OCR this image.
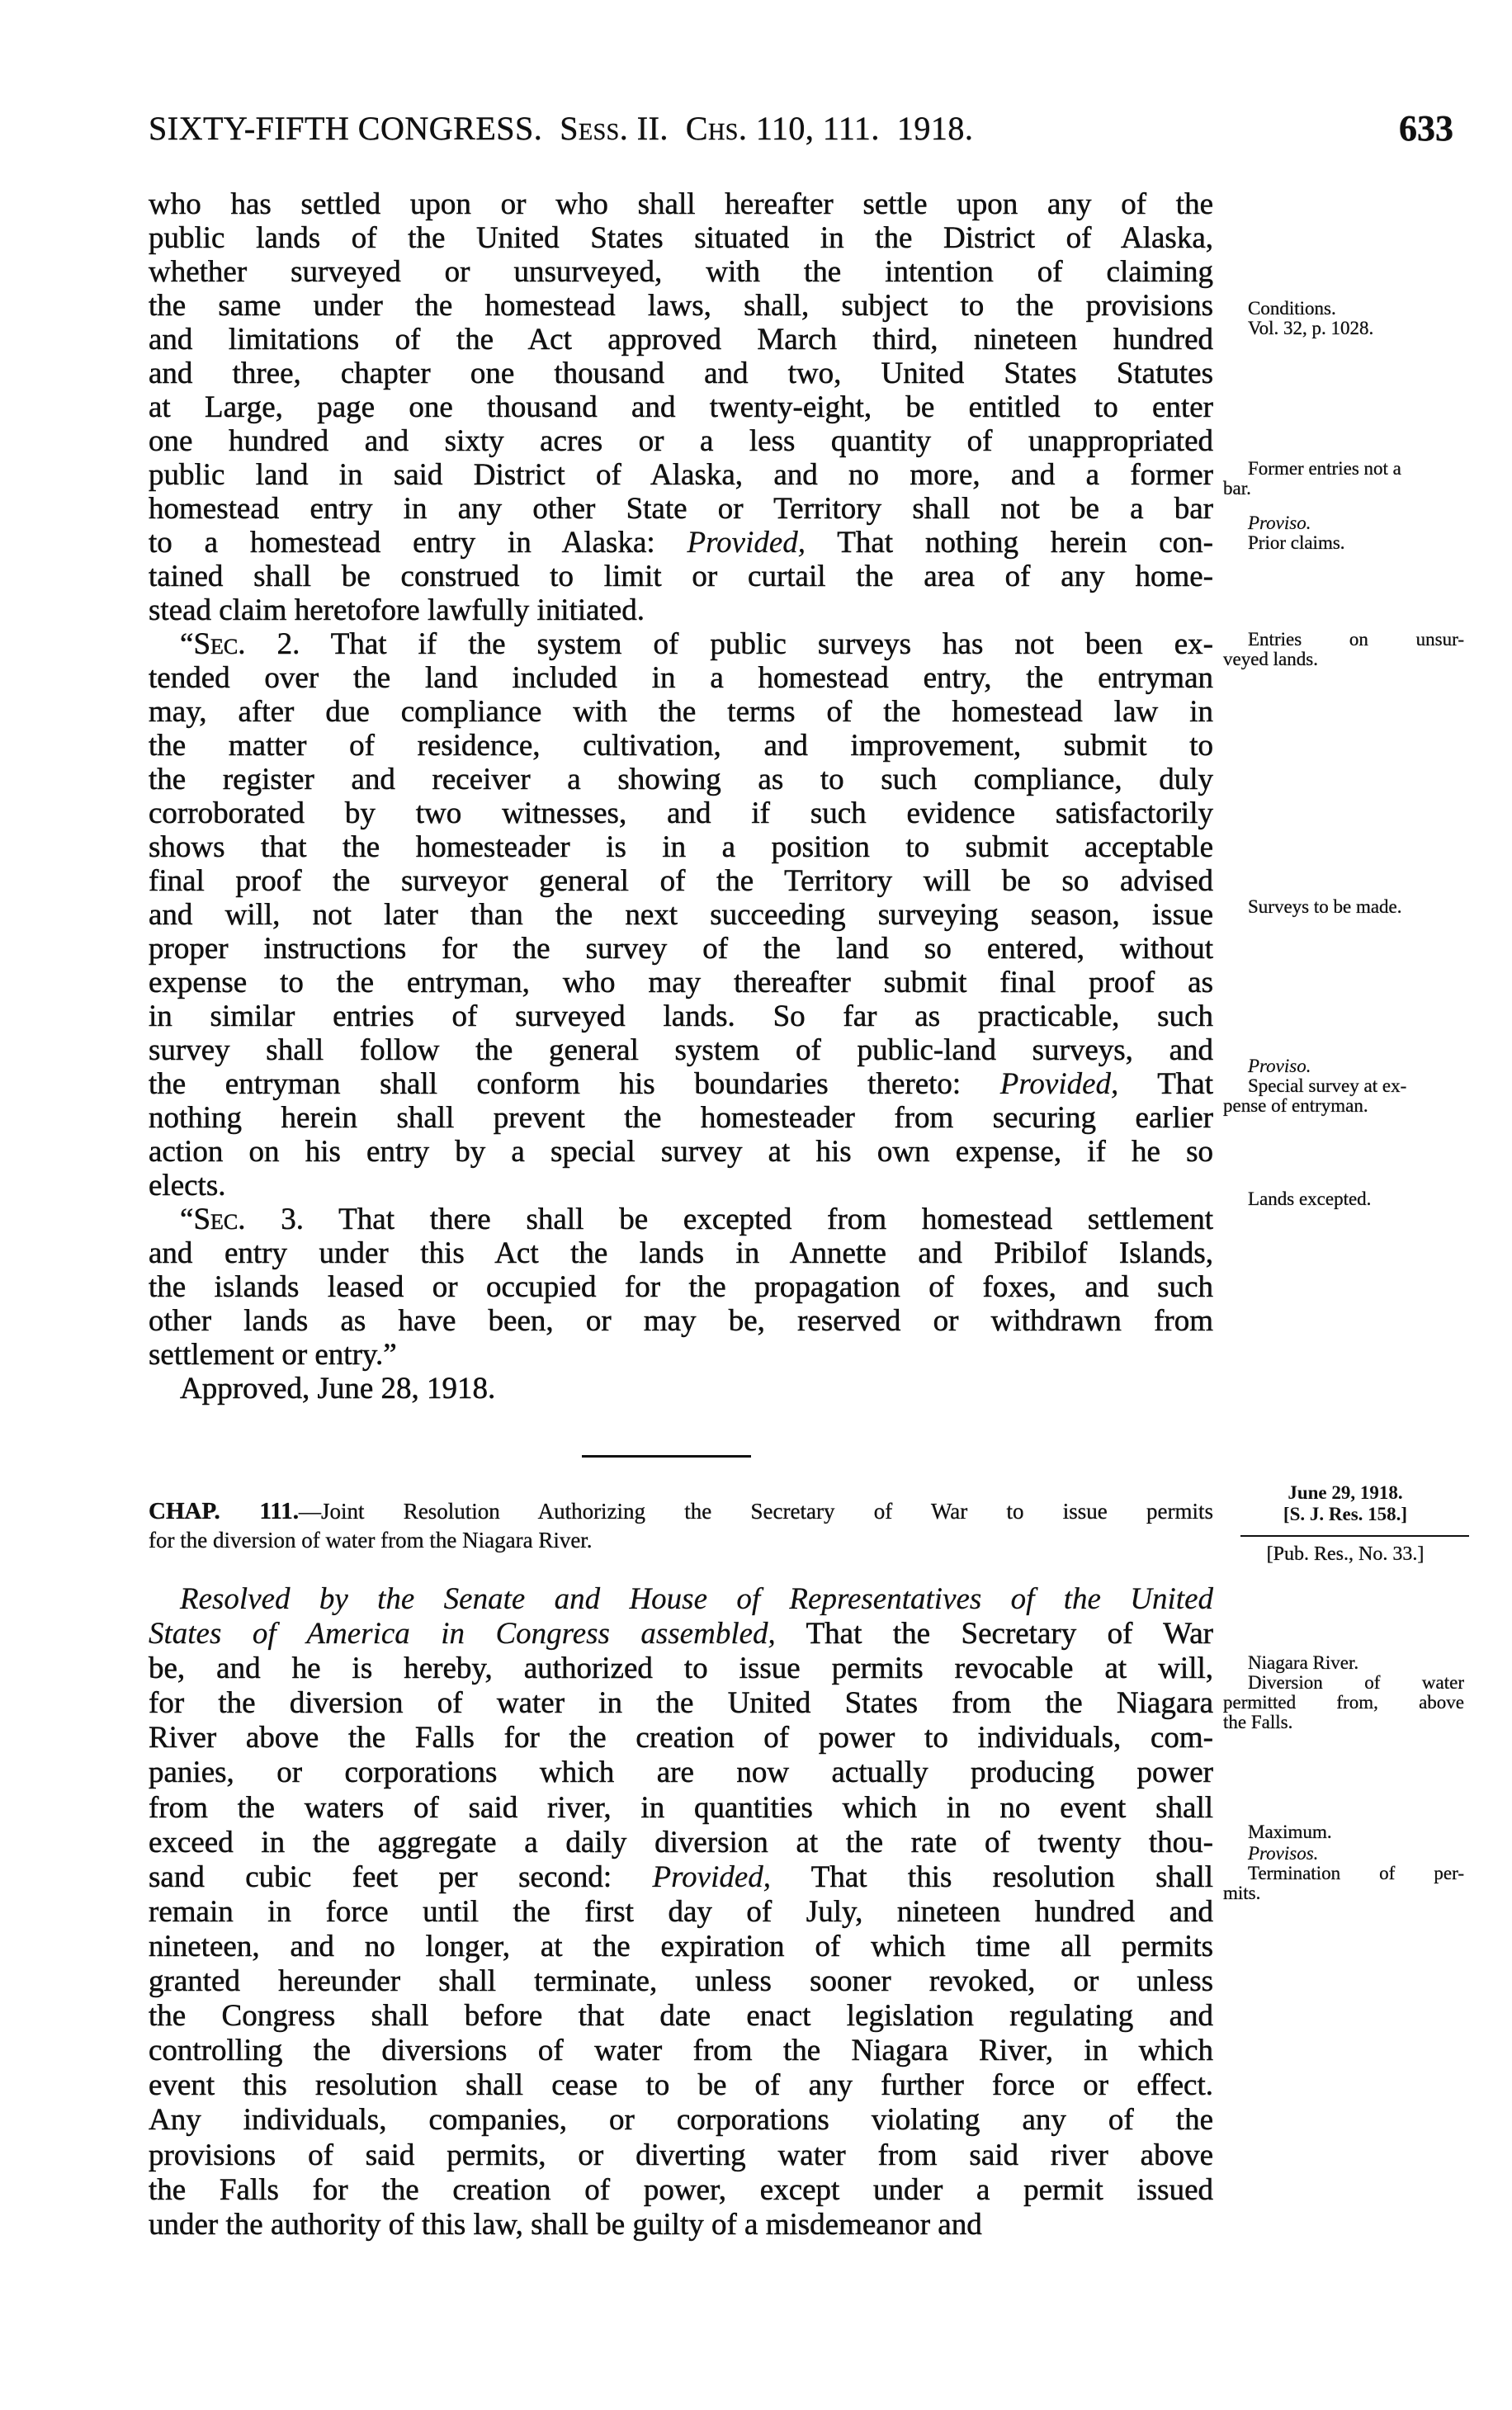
SIXTY-FIFTH CONGRESS. Sess. II. Chs. 110, 111. 1918.	633
who has settled upon or who shall hereafter settle upon any of the
public lands of the United States situated in the District of Alaska,
whether surveyed or unsurveyed, with the intention of claiming
the same under the homestead laws, shall, subject to the provisions
and limitations of the Act approved March third, nineteen hundred
and three, chapter one thousand and two, United States Statutes
at Large, page one thousand and twenty-eight, be entitled to enter
one hundred and sixty acres or a less quantity of unappropriated
public land in said District of Alaska, and no more, and a former
homestead entry in any other State or Territory shall not be a bar
to a homestead entry in Alaska: Provided, That nothing herein con-
tained shall be construed to limit or curtail the area of any home-
stead claim heretofore lawfully initiated.
“Sec. 2. That if the system of public surveys has not been ex-
tended over the land included in a homestead entry, the entryman
may, after due compliance with the terms of the homestead law in
the matter of residence, cultivation, and improvement, submit to
the register and receiver a showing as to such compliance, duly
corroborated by two witnesses, and if such evidence satisfactorily
shows that the homesteader is in a position to submit acceptable
final proof the surveyor general of the Territory will be so advised
and will, not later than the next succeeding surveying season, issue
proper instructions for the survey of the land so entered, without
expense to the entryman, who may thereafter submit final proof as
in similar entries of surveyed lands. So far as practicable, such
survey shall follow the general system of public-land surveys, and
the entryman shall conform his boundaries thereto: Provided, That
nothing herein shall prevent the homesteader from securing earlier
action on his entry by a special survey at his own expense, if he so
elects.
“Sec. 3. That there shall be excepted from homestead settlement
and entry under this Act the lands in Annette and Pribilof Islands,
the islands leased or occupied for the propagation of foxes, and such
other lands as have been, or may be, reserved or withdrawn from
settlement or entry.”
Approved, June 28, 1918.
CHAP. 111.—Joint Resolution Authorizing the Secretary of War to issue permits
for the diversion of water from the Niagara River.
June 29, 1918.
[S. J. Res. 158.]
[Pub. Res., No. 33.]
Resolved by the Senate and House of Representatives of the United
States of America in Congress assembled, That the Secretary of War
be, and he is hereby, authorized to issue permits revocable at will,
for the diversion of water in the United States from the Niagara
River above the Falls for the creation of power to individuals, com-
panies, or corporations which are now actually producing power
from the waters of said river, in quantities which in no event shall
exceed in the aggregate a daily diversion at the rate of twenty thou-
sand cubic feet per second: Provided, That this resolution shall
remain in force until the first day of July, nineteen hundred and
nineteen, and no longer, at the expiration of which time all permits
granted hereunder shall terminate, unless sooner revoked, or unless
the Congress shall before that date enact legislation regulating and
controlling the diversions of water from the Niagara River, in which
event this resolution shall cease to be of any further force or effect.
Any individuals, companies, or corporations violating any of the
provisions of said permits, or diverting water from said river above
the Falls for the creation of power, except under a permit issued
under the authority of this law, shall be guilty of a misdemeanor and
Conditions.
Vol. 32, p. 1028.
Former entries not a
bar.
Proviso.
Prior claims.
Entries on unsur-
veyed lands.
Surveys to be made.
Proviso.
Special survey at ex-
pense of entryman.
Lands excepted.
Niagara River.
Diversion of water
permitted from, above
the Falls.
Maximum.
Provisos.
Termination of per-
mits.
